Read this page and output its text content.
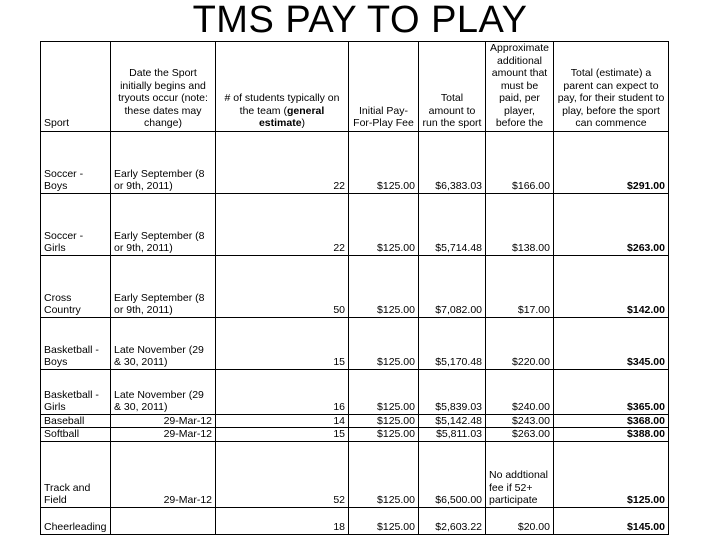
TMS PAY TO PLAY
Sport	Date the Sport initially begins and tryouts occur (note: these dates may change)	# of students typically on the team (general estimate)	Initial Pay-For-Play Fee	Total amount to run the sport	Approximate additional amount that must be paid, per player, before the	Total (estimate) a parent can expect to pay, for their student to play, before the sport can commence
Soccer - Boys	Early September (8 or 9th, 2011)	22	$125.00	$6,383.03	$166.00	$291.00
Soccer - Girls	Early September (8 or 9th, 2011)	22	$125.00	$5,714.48	$138.00	$263.00
Cross Country	Early September (8 or 9th, 2011)	50	$125.00	$7,082.00	$17.00	$142.00
Basketball - Boys	Late November (29 & 30, 2011)	15	$125.00	$5,170.48	$220.00	$345.00
Basketball - Girls	Late November (29 & 30, 2011)	16	$125.00	$5,839.03	$240.00	$365.00
Baseball	29-Mar-12	14	$125.00	$5,142.48	$243.00	$368.00
Softball	29-Mar-12	15	$125.00	$5,811.03	$263.00	$388.00
Track and Field	29-Mar-12	52	$125.00	$6,500.00	No addtional fee if 52+ participate	$125.00
Cheerleading		18	$125.00	$2,603.22	$20.00	$145.00
